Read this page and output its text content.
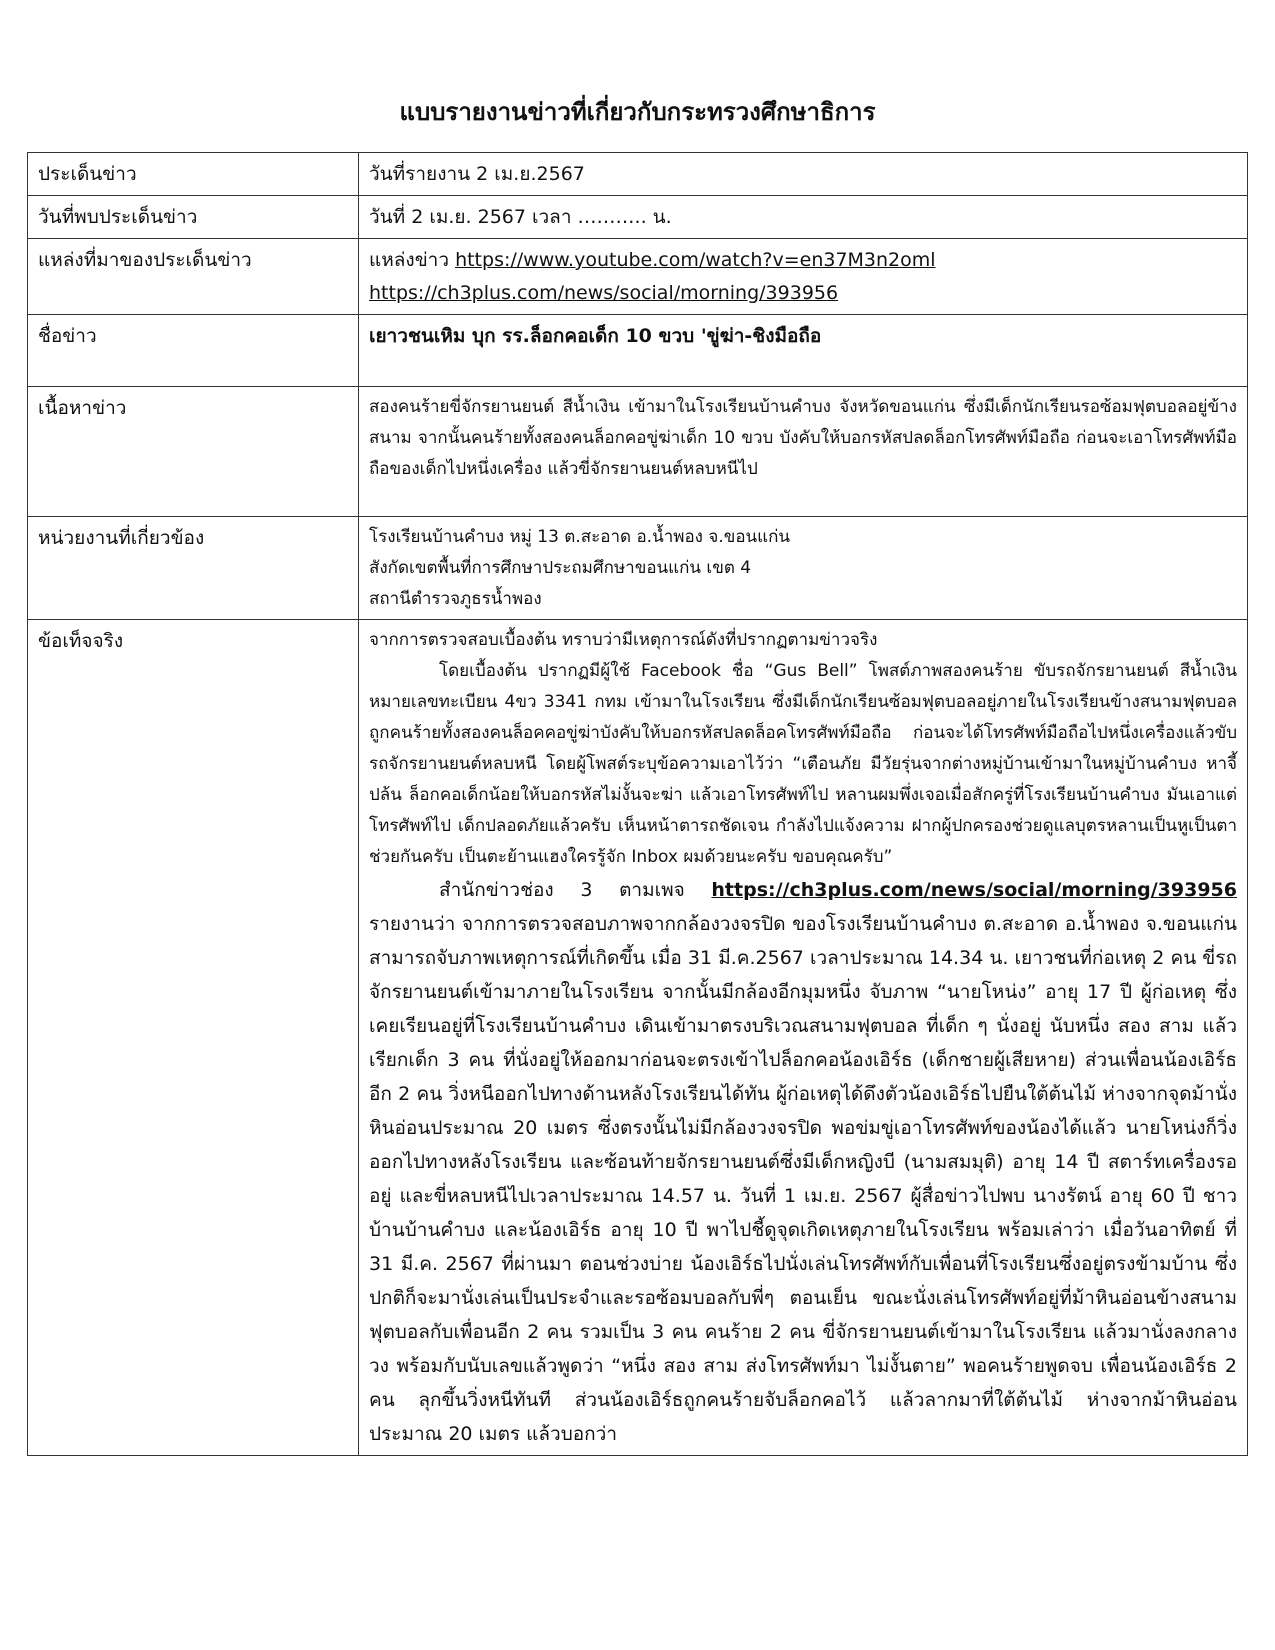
แบบรายงานข่าวที่เกี่ยวกับกระทรวงศึกษาธิการ
ประเด็นข่าว	วันที่รายงาน 2 เม.ย.2567
วันที่พบประเด็นข่าว	วันที่ 2 เม.ย. 2567 เวลา ……….. น.
แหล่งที่มาของประเด็นข่าว	แหล่งข่าว https://www.youtube.com/watch?v=en37M3n2oml
https://ch3plus.com/news/social/morning/393956
ชื่อข่าว	เยาวชนเหิม บุก รร.ล็อกคอเด็ก 10 ขวบ 'ขู่ฆ่า-ชิงมือถือ
เนื้อหาข่าว	สองคนร้ายขี่จักรยานยนต์ สีน้ำเงิน เข้ามาในโรงเรียนบ้านคำบง จังหวัดขอนแก่น ซึ่งมีเด็กนักเรียนรอซ้อมฟุตบอลอยู่ข้างสนาม จากนั้นคนร้ายทั้งสองคนล็อกคอขู่ฆ่าเด็ก 10 ขวบ บังคับให้บอกรหัสปลดล็อกโทรศัพท์มือถือ ก่อนจะเอาโทรศัพท์มือถือของเด็กไปหนึ่งเครื่อง แล้วขี่จักรยานยนต์หลบหนีไป
หน่วยงานที่เกี่ยวข้อง	โรงเรียนบ้านคำบง หมู่ 13 ต.สะอาด อ.น้ำพอง จ.ขอนแก่น
สังกัดเขตพื้นที่การศึกษาประถมศึกษาขอนแก่น เขต 4
สถานีตำรวจภูธรน้ำพอง

ข้อเท็จจริง	จากการตรวจสอบเบื้องต้น ทราบว่ามีเหตุการณ์ดังที่ปรากฏตามข่าวจริง

โดยเบื้องต้น ปรากฏมีผู้ใช้ Facebook ชื่อ “Gus Bell” โพสต์ภาพสองคนร้าย ขับรถจักรยานยนต์ สีน้ำเงิน หมายเลขทะเบียน 4ขว 3341 กทม เข้ามาในโรงเรียน ซึ่งมีเด็กนักเรียนซ้อมฟุตบอลอยู่ภายในโรงเรียนข้างสนามฟุตบอล ถูกคนร้ายทั้งสองคนล็อคคอขู่ฆ่าบังคับให้บอกรหัสปลดล็อคโทรศัพท์มือถือ ก่อนจะได้โทรศัพท์มือถือไปหนึ่งเครื่องแล้วขับรถจักรยานยนต์หลบหนี โดยผู้โพสต์ระบุข้อความเอาไว้ว่า “เตือนภัย มีวัยรุ่นจากต่างหมู่บ้านเข้ามาในหมู่บ้านคำบง หาจี้ปล้น ล็อกคอเด็กน้อยให้บอกรหัสไม่งั้นจะฆ่า แล้วเอาโทรศัพท์ไป หลานผมพึ่งเจอเมื่อสักครู่ที่โรงเรียนบ้านคำบง มันเอาแต่โทรศัพท์ไป เด็กปลอดภัยแล้วครับ เห็นหน้าตารถชัดเจน กำลังไปแจ้งความ ฝากผู้ปกครองช่วยดูแลบุตรหลานเป็นหูเป็นตาช่วยกันครับ เป็นตะย้านแฮงใครรู้จัก Inbox ผมด้วยนะครับ ขอบคุณครับ”

สำนักข่าวช่อง 3 ตามเพจ https://ch3plus.com/news/social/morning/393956 รายงานว่า จากการตรวจสอบภาพจากกล้องวงจรปิด ของโรงเรียนบ้านคำบง ต.สะอาด อ.น้ำพอง จ.ขอนแก่น สามารถจับภาพเหตุการณ์ที่เกิดขึ้น เมื่อ 31 มี.ค.2567 เวลาประมาณ 14.34 น. เยาวชนที่ก่อเหตุ 2 คน ขี่รถจักรยานยนต์เข้ามาภายในโรงเรียน จากนั้นมีกล้องอีกมุมหนึ่ง จับภาพ “นายโหน่ง” อายุ 17 ปี ผู้ก่อเหตุ ซึ่งเคยเรียนอยู่ที่โรงเรียนบ้านคำบง เดินเข้ามาตรงบริเวณสนามฟุตบอล ที่เด็ก ๆ นั่งอยู่ นับหนึ่ง สอง สาม แล้วเรียกเด็ก 3 คน ที่นั่งอยู่ให้ออกมาก่อนจะตรงเข้าไปล็อกคอน้องเอิร์ธ (เด็กชายผู้เสียหาย) ส่วนเพื่อนน้องเอิร์ธอีก 2 คน วิ่งหนีออกไปทางด้านหลังโรงเรียนได้ทัน ผู้ก่อเหตุได้ดึงตัวน้องเอิร์ธไปยืนใต้ต้นไม้ ห่างจากจุดม้านั่งหินอ่อนประมาณ 20 เมตร ซึ่งตรงนั้นไม่มีกล้องวงจรปิด พอข่มขู่เอาโทรศัพท์ของน้องได้แล้ว นายโหน่งก็วิ่งออกไปทางหลังโรงเรียน และซ้อนท้ายจักรยานยนต์ซึ่งมีเด็กหญิงบี (นามสมมุติ) อายุ 14 ปี สตาร์ทเครื่องรออยู่ และขี่หลบหนีไปเวลาประมาณ 14.57 น. วันที่ 1 เม.ย. 2567 ผู้สื่อข่าวไปพบ นางรัตน์ อายุ 60 ปี ชาวบ้านบ้านคำบง และน้องเอิร์ธ อายุ 10 ปี พาไปชี้ดูจุดเกิดเหตุภายในโรงเรียน พร้อมเล่าว่า เมื่อวันอาทิตย์ ที่ 31 มี.ค. 2567 ที่ผ่านมา ตอนช่วงบ่าย น้องเอิร์ธไปนั่งเล่นโทรศัพท์กับเพื่อนที่โรงเรียนซึ่งอยู่ตรงข้ามบ้าน ซึ่งปกติก็จะมานั่งเล่นเป็นประจำและรอซ้อมบอลกับพี่ๆ ตอนเย็น ขณะนั่งเล่นโทรศัพท์อยู่ที่ม้าหินอ่อนข้างสนามฟุตบอลกับเพื่อนอีก 2 คน รวมเป็น 3 คน คนร้าย 2 คน ขี่จักรยานยนต์เข้ามาในโรงเรียน แล้วมานั่งลงกลางวง พร้อมกับนับเลขแล้วพูดว่า “หนึ่ง สอง สาม ส่งโทรศัพท์มา ไม่งั้นตาย” พอคนร้ายพูดจบ เพื่อนน้องเอิร์ธ 2 คน ลุกขึ้นวิ่งหนีทันที ส่วนน้องเอิร์ธถูกคนร้ายจับล็อกคอไว้ แล้วลากมาที่ใต้ต้นไม้ ห่างจากม้าหินอ่อนประมาณ 20 เมตร แล้วบอกว่า
